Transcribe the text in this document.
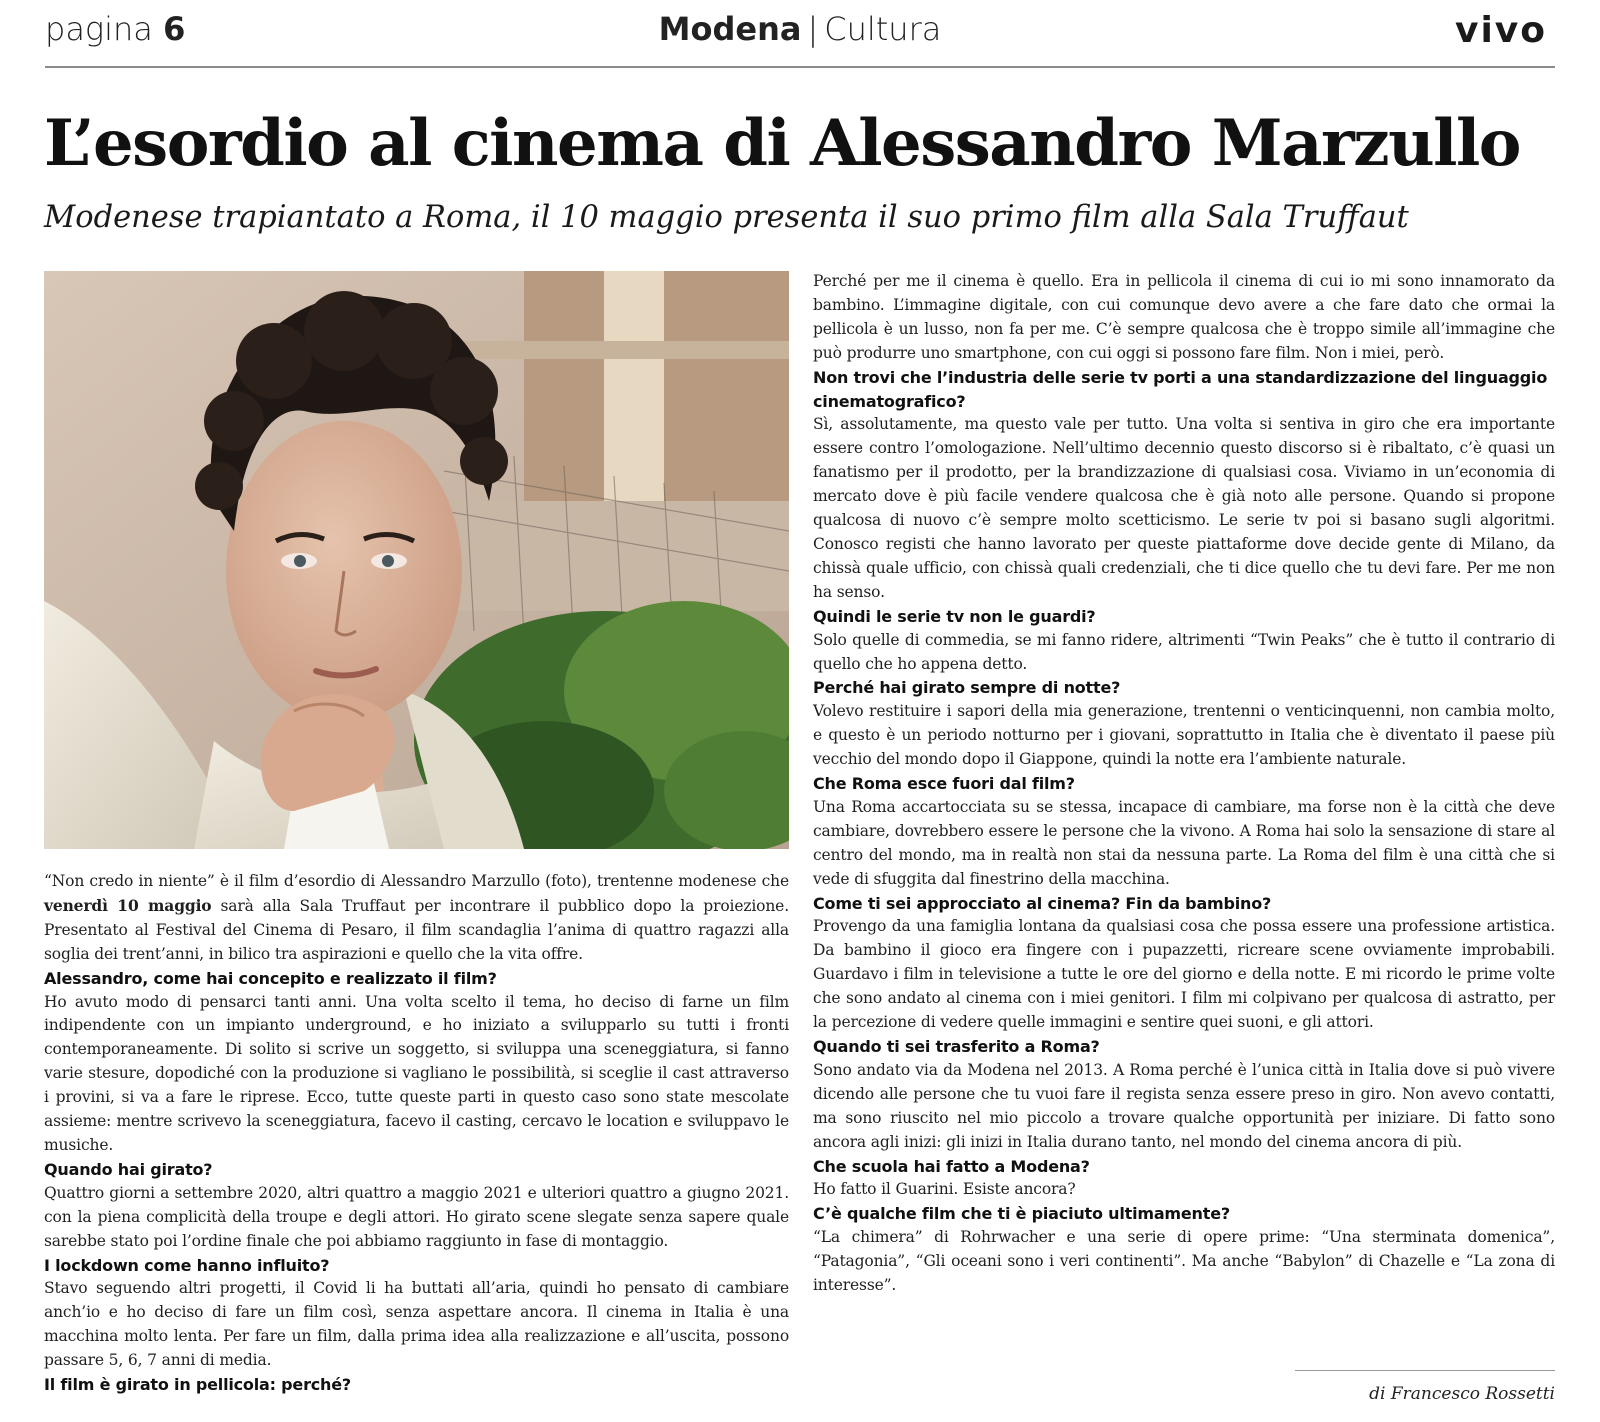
pagina 6	Modena | Cultura	vivo
L’esordio al cinema di Alessandro Marzullo
Modenese trapiantato a Roma, il 10 maggio presenta il suo primo film alla Sala Truffaut

“Non credo in niente” è il film d’esordio di Alessandro Marzullo (foto), trentenne modenese che venerdì 10 maggio sarà alla Sala Truffaut per incontrare il pubblico dopo la proiezione. Presentato al Festival del Cinema di Pesaro, il film scandaglia l’anima di quattro ragazzi alla soglia dei trent’anni, in bilico tra aspirazioni e quello che la vita offre.

Alessandro, come hai concepito e realizzato il film?

Ho avuto modo di pensarci tanti anni. Una volta scelto il tema, ho deciso di farne un film indipendente con un impianto underground, e ho iniziato a svilupparlo su tutti i fronti contemporaneamente. Di solito si scrive un soggetto, si sviluppa una sceneggiatura, si fanno varie stesure, dopodiché con la produzione si vagliano le possibilità, si sceglie il cast attraverso i provini, si va a fare le riprese. Ecco, tutte queste parti in questo caso sono state mescolate assieme: mentre scrivevo la sceneggiatura, facevo il casting, cercavo le location e sviluppavo le musiche.

Quando hai girato?

Quattro giorni a settembre 2020, altri quattro a maggio 2021 e ulteriori quattro a giugno 2021. con la piena complicità della troupe e degli attori. Ho girato scene slegate senza sapere quale sarebbe stato poi l’ordine finale che poi abbiamo raggiunto in fase di montaggio.

I lockdown come hanno influito?

Stavo seguendo altri progetti, il Covid li ha buttati all’aria, quindi ho pensato di cambiare anch’io e ho deciso di fare un film così, senza aspettare ancora. Il cinema in Italia è una macchina molto lenta. Per fare un film, dalla prima idea alla realizzazione e all’uscita, possono passare 5, 6, 7 anni di media.

Il film è girato in pellicola: perché?

Perché per me il cinema è quello. Era in pellicola il cinema di cui io mi sono innamorato da bambino. L’immagine digitale, con cui comunque devo avere a che fare dato che ormai la pellicola è un lusso, non fa per me. C’è sempre qualcosa che è troppo simile all’immagine che può produrre uno smartphone, con cui oggi si possono fare film. Non i miei, però.

Non trovi che l’industria delle serie tv porti a una standardizzazione del linguaggio cinematografico?

Sì, assolutamente, ma questo vale per tutto. Una volta si sentiva in giro che era importante essere contro l’omologazione. Nell’ultimo decennio questo discorso si è ribaltato, c’è quasi un fanatismo per il prodotto, per la brandizzazione di qualsiasi cosa. Viviamo in un’economia di mercato dove è più facile vendere qualcosa che è già noto alle persone. Quando si propone qualcosa di nuovo c’è sempre molto scetticismo. Le serie tv poi si basano sugli algoritmi. Conosco registi che hanno lavorato per queste piattaforme dove decide gente di Milano, da chissà quale ufficio, con chissà quali credenziali, che ti dice quello che tu devi fare. Per me non ha senso.

Quindi le serie tv non le guardi?

Solo quelle di commedia, se mi fanno ridere, altrimenti “Twin Peaks” che è tutto il contrario di quello che ho appena detto.

Perché hai girato sempre di notte?

Volevo restituire i sapori della mia generazione, trentenni o venticinquenni, non cambia molto, e questo è un periodo notturno per i giovani, soprattutto in Italia che è diventato il paese più vecchio del mondo dopo il Giappone, quindi la notte era l’ambiente naturale.

Che Roma esce fuori dal film?

Una Roma accartocciata su se stessa, incapace di cambiare, ma forse non è la città che deve cambiare, dovrebbero essere le persone che la vivono. A Roma hai solo la sensazione di stare al centro del mondo, ma in realtà non stai da nessuna parte. La Roma del film è una città che si vede di sfuggita dal finestrino della macchina.

Come ti sei approcciato al cinema? Fin da bambino?

Provengo da una famiglia lontana da qualsiasi cosa che possa essere una professione artistica. Da bambino il gioco era fingere con i pupazzetti, ricreare scene ovviamente improbabili. Guardavo i film in televisione a tutte le ore del giorno e della notte. E mi ricordo le prime volte che sono andato al cinema con i miei genitori. I film mi colpivano per qualcosa di astratto, per la percezione di vedere quelle immagini e sentire quei suoni, e gli attori.

Quando ti sei trasferito a Roma?

Sono andato via da Modena nel 2013. A Roma perché è l’unica città in Italia dove si può vivere dicendo alle persone che tu vuoi fare il regista senza essere preso in giro. Non avevo contatti, ma sono riuscito nel mio piccolo a trovare qualche opportunità per iniziare. Di fatto sono ancora agli inizi: gli inizi in Italia durano tanto, nel mondo del cinema ancora di più.

Che scuola hai fatto a Modena?

Ho fatto il Guarini. Esiste ancora?

C’è qualche film che ti è piaciuto ultimamente?

“La chimera” di Rohrwacher e una serie di opere prime: “Una sterminata domenica”, “Patagonia”, “Gli oceani sono i veri continenti”. Ma anche “Babylon” di Chazelle e “La zona di interesse”.

di Francesco Rossetti
